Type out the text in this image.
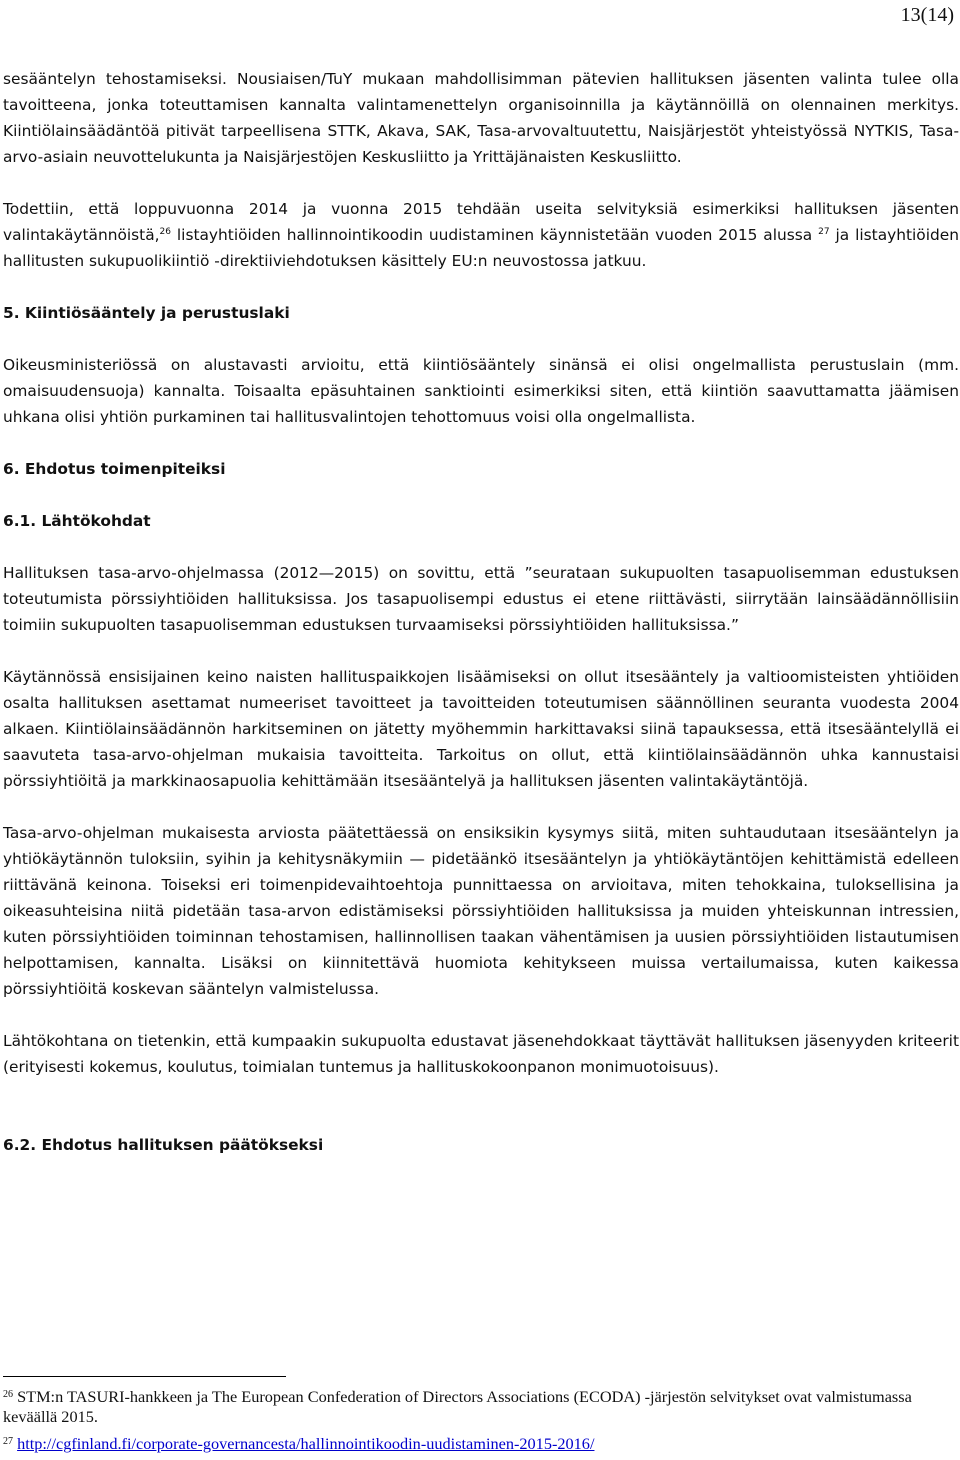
13(14)

sesääntelyn tehostamiseksi. Nousiaisen/TuY mukaan mahdollisimman pätevien hallituksen jäsenten valinta tulee olla tavoitteena, jonka toteuttamisen kannalta valintamenettelyn organisoinnilla ja käytännöillä on olennainen merkitys. Kiintiölainsäädäntöä pitivät tarpeellisena STTK, Akava, SAK, Tasa-arvovaltuutettu, Naisjärjestöt yhteistyössä NYTKIS, Tasa-arvo-asiain neuvottelukunta ja Naisjärjestöjen Keskusliitto ja Yrittäjänaisten Keskusliitto.

Todettiin, että loppuvuonna 2014 ja vuonna 2015 tehdään useita selvityksiä esimerkiksi hallituksen jäsenten valintakäytännöistä,$^{26}$ listayhtiöiden hallinnointikoodin uudistaminen käynnistetään vuoden 2015 alussa $^{27}$ ja listayhtiöiden hallitusten sukupuolikiintiö -direktiiviehdotuksen käsittely EU:n neuvostossa jatkuu.

5. Kiintiösääntely ja perustuslaki

Oikeusministeriössä on alustavasti arvioitu, että kiintiösääntely sinänsä ei olisi ongelmallista perustuslain (mm. omaisuudensuoja) kannalta. Toisaalta epäsuhtainen sanktiointi esimerkiksi siten, että kiintiön saavuttamatta jäämisen uhkana olisi yhtiön purkaminen tai hallitusvalintojen tehottomuus voisi olla ongelmallista.

6. Ehdotus toimenpiteiksi

6.1. Lähtökohdat

Hallituksen tasa-arvo-ohjelmassa (2012—2015) on sovittu, että ”seurataan sukupuolten tasapuolisemman edustuksen toteutumista pörssiyhtiöiden hallituksissa. Jos tasapuolisempi edustus ei etene riittävästi, siirrytään lainsäädännöllisiin toimiin sukupuolten tasapuolisemman edustuksen turvaamiseksi pörssiyhtiöiden hallituksissa.”

Käytännössä ensisijainen keino naisten hallituspaikkojen lisäämiseksi on ollut itsesääntely ja valtioomisteisten yhtiöiden osalta hallituksen asettamat numeeriset tavoitteet ja tavoitteiden toteutumisen säännöllinen seuranta vuodesta 2004 alkaen. Kiintiölainsäädännön harkitseminen on jätetty myöhemmin harkittavaksi siinä tapauksessa, että itsesääntelyllä ei saavuteta tasa-arvo-ohjelman mukaisia tavoitteita. Tarkoitus on ollut, että kiintiölainsäädännön uhka kannustaisi pörssiyhtiöitä ja markkinaosapuolia kehittämään itsesääntelyä ja hallituksen jäsenten valintakäytäntöjä.

Tasa-arvo-ohjelman mukaisesta arviosta päätettäessä on ensiksikin kysymys siitä, miten suhtaudutaan itsesääntelyn ja yhtiökäytännön tuloksiin, syihin ja kehitysnäkymiin — pidetäänkö itsesääntelyn ja yhtiökäytäntöjen kehittämistä edelleen riittävänä keinona. Toiseksi eri toimenpidevaihtoehtoja punnittaessa on arvioitava, miten tehokkaina, tuloksellisina ja oikeasuhteisina niitä pidetään tasa-arvon edistämiseksi pörssiyhtiöiden hallituksissa ja muiden yhteiskunnan intressien, kuten pörssiyhtiöiden toiminnan tehostamisen, hallinnollisen taakan vähentämisen ja uusien pörssiyhtiöiden listautumisen helpottamisen, kannalta. Lisäksi on kiinnitettävä huomiota kehitykseen muissa vertailumaissa, kuten kaikessa pörssiyhtiöitä koskevan sääntelyn valmistelussa.

Lähtökohtana on tietenkin, että kumpaakin sukupuolta edustavat jäsenehdokkaat täyttävät hallituksen jäsenyyden kriteerit (erityisesti kokemus, koulutus, toimialan tuntemus ja hallituskokoonpanon monimuotoisuus).

6.2. Ehdotus hallituksen päätökseksi

$^{26}$ STM:n TASURI-hankkeen ja The European Confederation of Directors Associations (ECODA) -järjestön selvitykset ovat valmistumassa keväällä 2015.
$^{27}$ http://cgfinland.fi/corporate-governancesta/hallinnointikoodin-uudistaminen-2015-2016/
